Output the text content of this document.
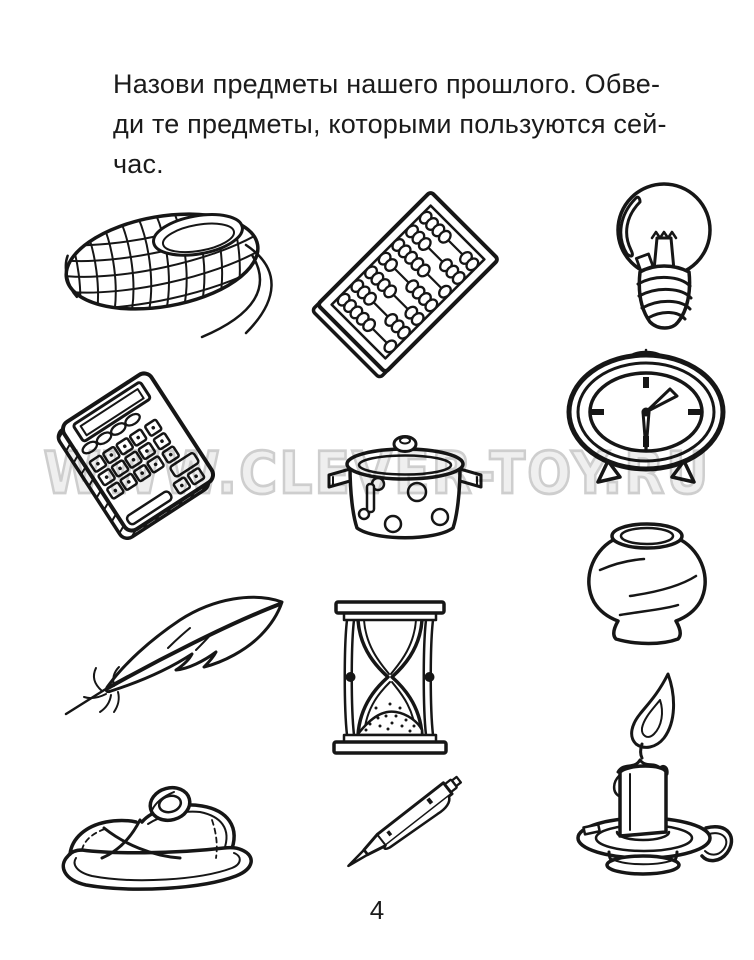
Назови предметы нашего прошлого. Обве-
ди те предметы, которыми пользуются сей-
час.
WWW.CLEVER-TOY.RU
4
